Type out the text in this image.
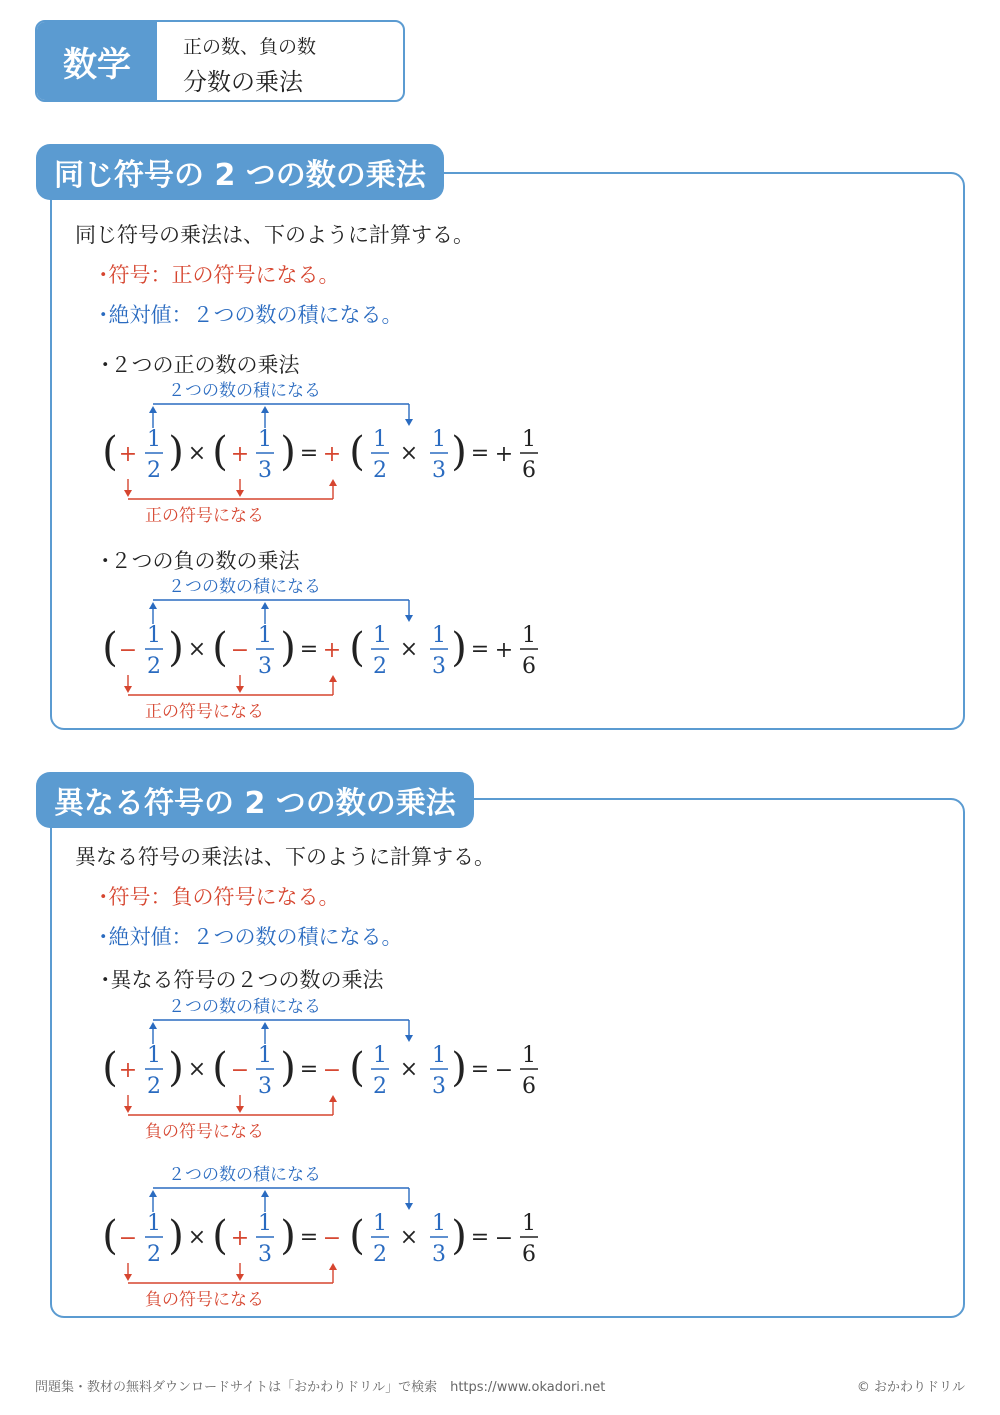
数学	正の数、負の数
分数の乗法
同じ符号の 2 つの数の乗法
同じ符号の乗法は、下のように計算する。
･符号：正の符号になる。
･絶対値：２つの数の積になる。
･２つの正の数の乗法
･２つの負の数の乗法
異なる符号の 2 つの数の乗法
異なる符号の乗法は、下のように計算する。
･符号：負の符号になる。
･絶対値：２つの数の積になる。
･異なる符号の２つの数の乗法
２つの数の積になる
( +
1
2 ) × ( +
1
3 ) = + ( 1
2
×
1
3 ) = +
1
6
正の符号になる
２つの数の積になる
( −
1
2 ) × ( −
1
3 ) = + ( 1
2
×
1
3 ) = +
1
6
正の符号になる
２つの数の積になる
( +
1
2 ) × ( −
1
3 ) = − ( 1
2
×
1
3 ) = −
1
6
負の符号になる
２つの数の積になる
( −
1
2 ) × ( +
1
3 ) = − ( 1
2
×
1
3 ) = −
1
6
負の符号になる
問題集・教材の無料ダウンロードサイトは「おかわりドリル」で検索　https://www.okadori.net	© おかわりドリル
